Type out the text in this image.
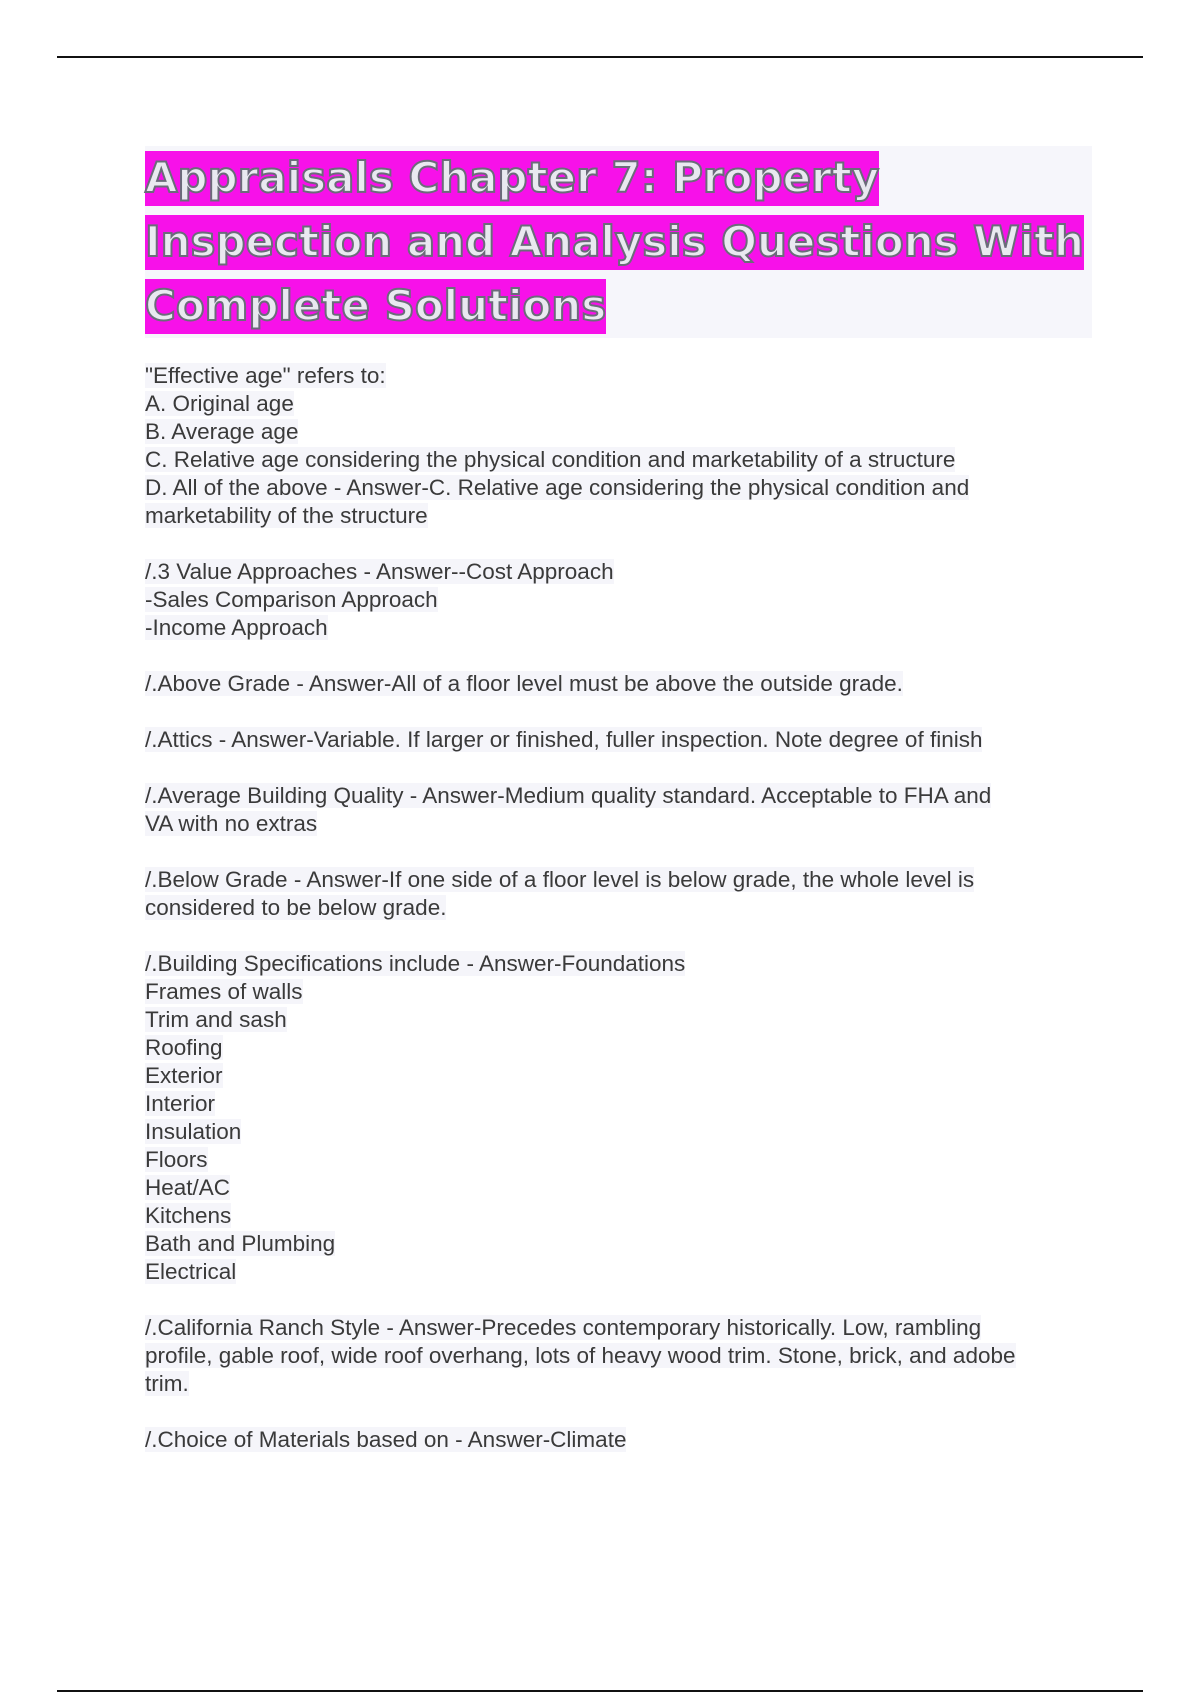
Appraisals Chapter 7: Property
Inspection and Analysis Questions With
Complete Solutions
"Effective age" refers to:
A. Original age
B. Average age
C. Relative age considering the physical condition and marketability of a structure
D. All of the above - Answer-C. Relative age considering the physical condition and
marketability of the structure
/.3 Value Approaches - Answer--Cost Approach
-Sales Comparison Approach
-Income Approach
/.Above Grade - Answer-All of a floor level must be above the outside grade.
/.Attics - Answer-Variable. If larger or finished, fuller inspection. Note degree of finish
/.Average Building Quality - Answer-Medium quality standard. Acceptable to FHA and
VA with no extras
/.Below Grade - Answer-If one side of a floor level is below grade, the whole level is
considered to be below grade.
/.Building Specifications include - Answer-Foundations
Frames of walls
Trim and sash
Roofing
Exterior
Interior
Insulation
Floors
Heat/AC
Kitchens
Bath and Plumbing
Electrical
/.California Ranch Style - Answer-Precedes contemporary historically. Low, rambling
profile, gable roof, wide roof overhang, lots of heavy wood trim. Stone, brick, and adobe
trim.
/.Choice of Materials based on - Answer-Climate
